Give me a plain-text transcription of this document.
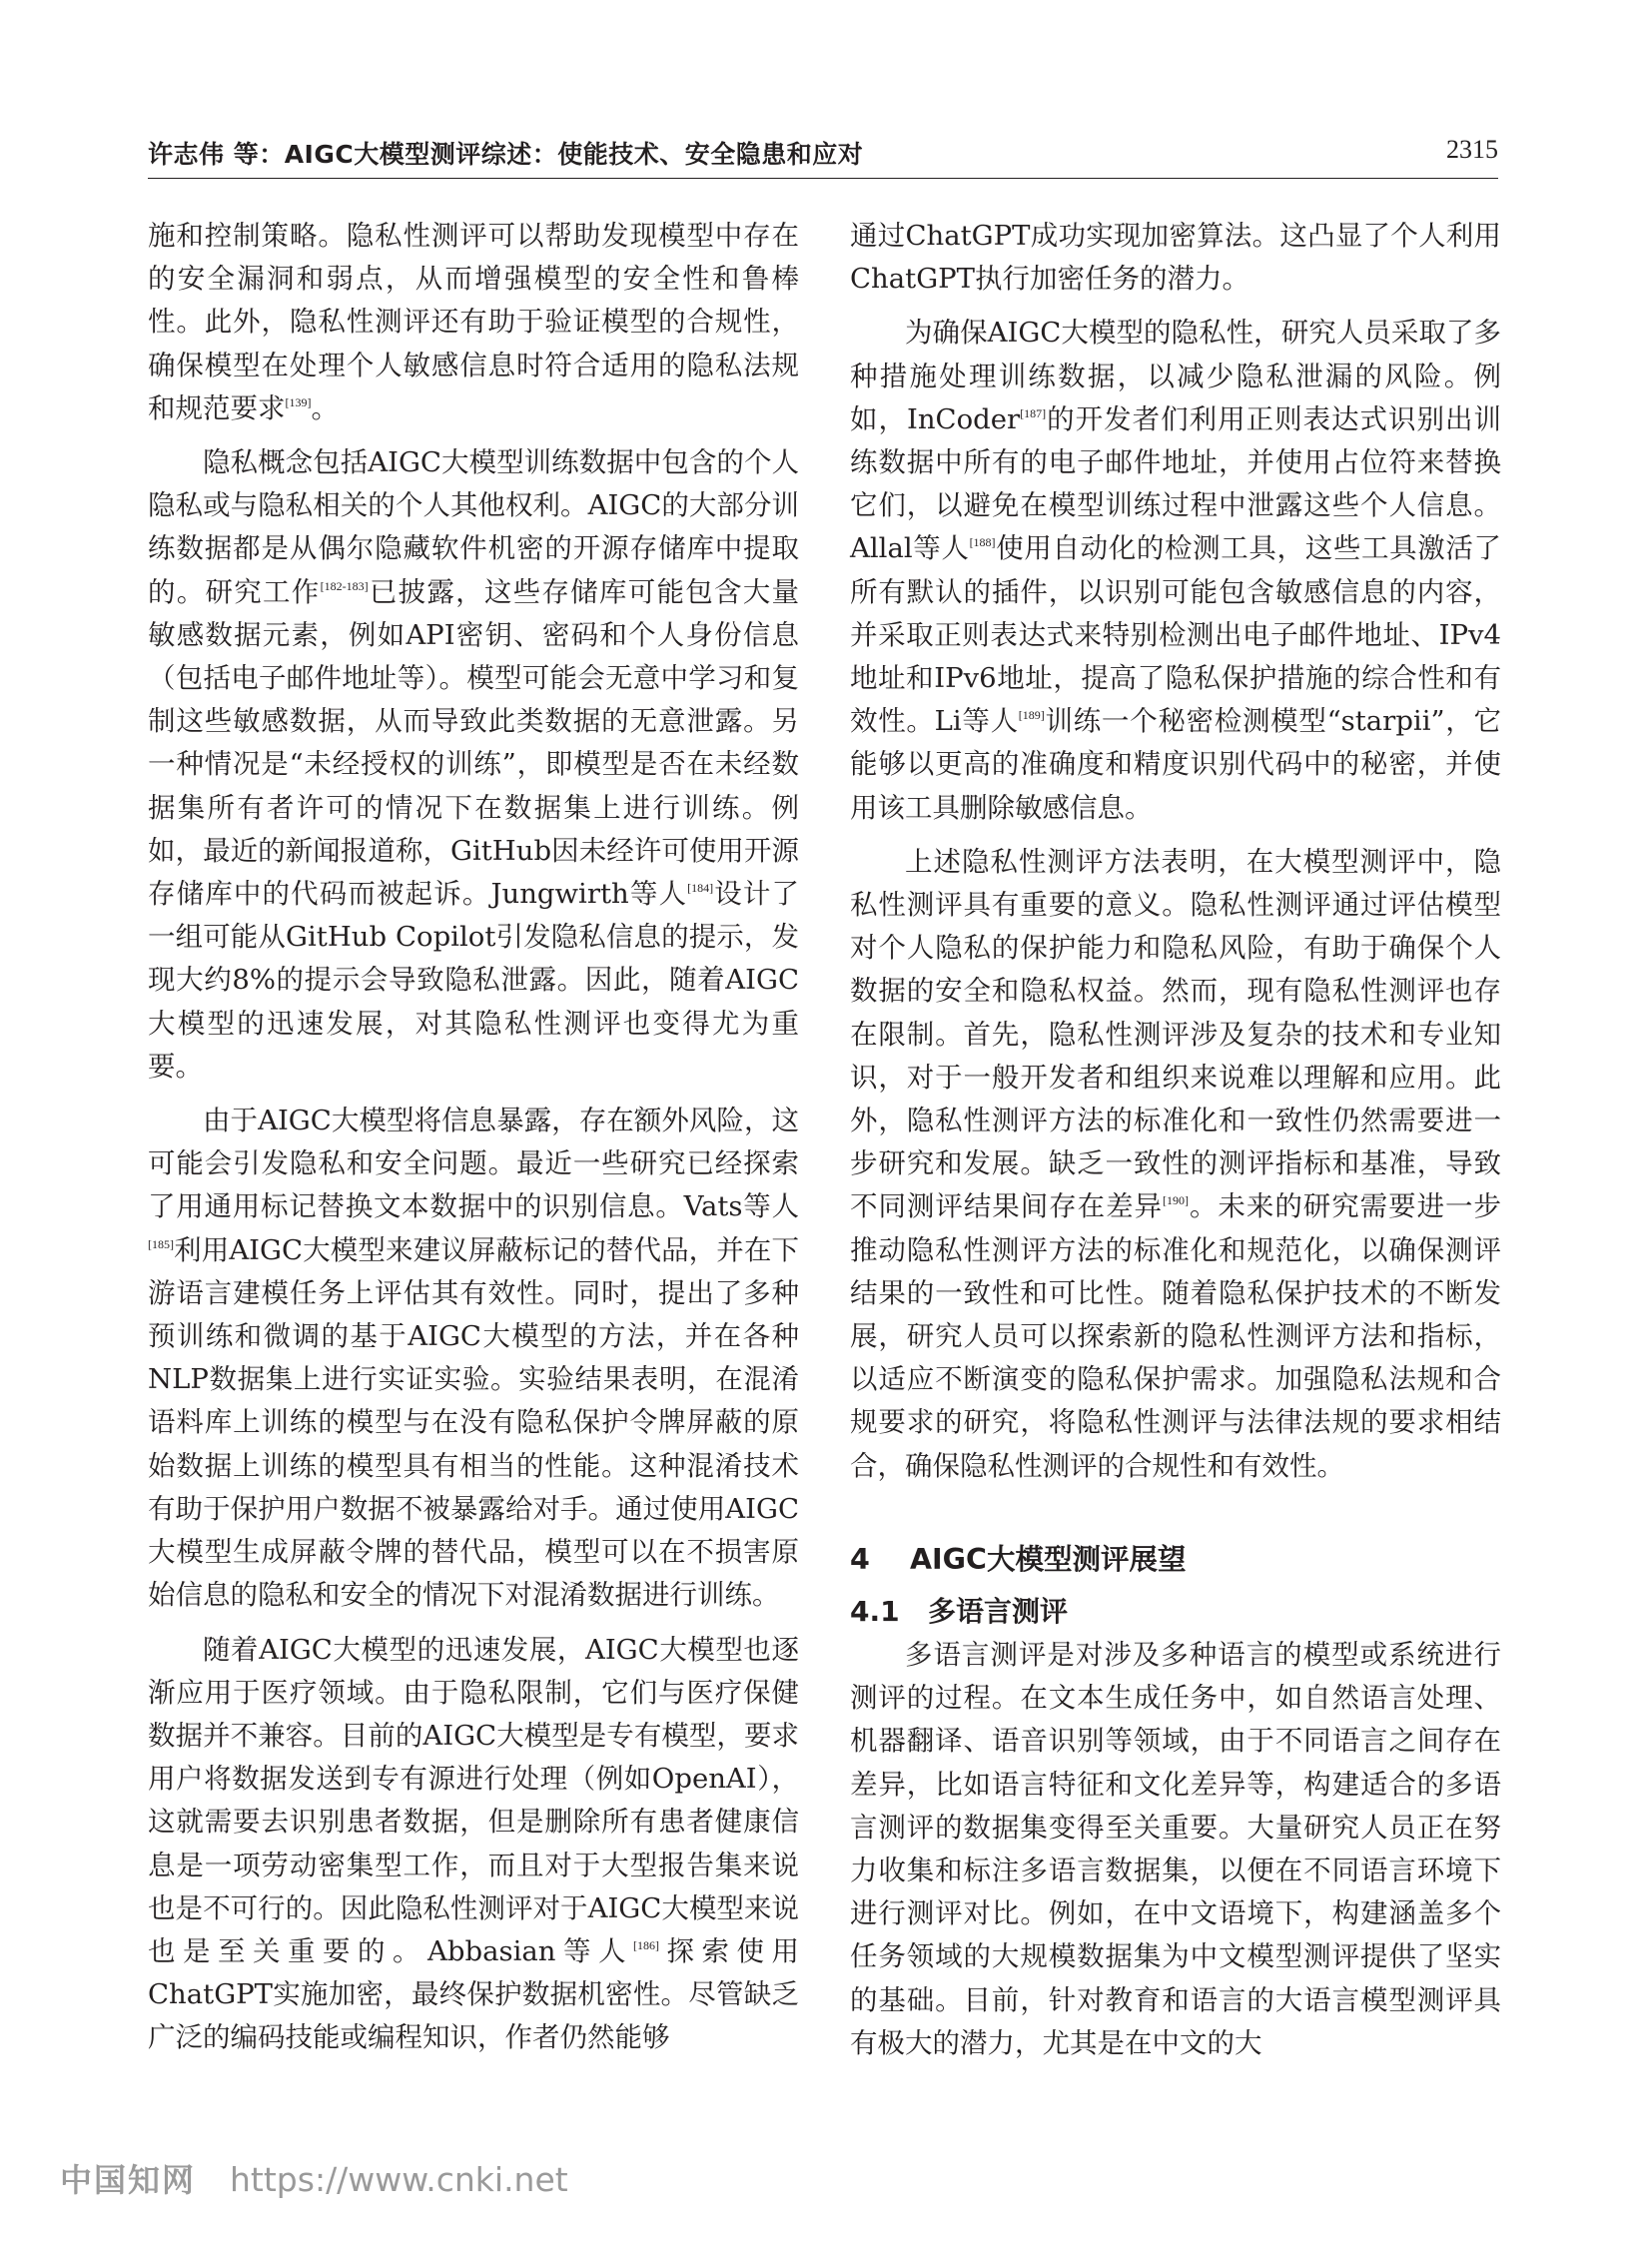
许志伟 等：AIGC大模型测评综述：使能技术、安全隐患和应对	2315

施和控制策略。隐私性测评可以帮助发现模型中存在的安全漏洞和弱点，从而增强模型的安全性和鲁棒性。此外，隐私性测评还有助于验证模型的合规性，确保模型在处理个人敏感信息时符合适用的隐私法规和规范要求[139]。

隐私概念包括AIGC大模型训练数据中包含的个人隐私或与隐私相关的个人其他权利。AIGC的大部分训练数据都是从偶尔隐藏软件机密的开源存储库中提取的。研究工作[182-183]已披露，这些存储库可能包含大量敏感数据元素，例如API密钥、密码和个人身份信息（包括电子邮件地址等）。模型可能会无意中学习和复制这些敏感数据，从而导致此类数据的无意泄露。另一种情况是“未经授权的训练”，即模型是否在未经数据集所有者许可的情况下在数据集上进行训练。例如，最近的新闻报道称，GitHub因未经许可使用开源存储库中的代码而被起诉。Jungwirth等人[184]设计了一组可能从GitHub Copilot引发隐私信息的提示，发现大约8%的提示会导致隐私泄露。因此，随着AIGC大模型的迅速发展，对其隐私性测评也变得尤为重要。

由于AIGC大模型将信息暴露，存在额外风险，这可能会引发隐私和安全问题。最近一些研究已经探索了用通用标记替换文本数据中的识别信息。Vats等人[185]利用AIGC大模型来建议屏蔽标记的替代品，并在下游语言建模任务上评估其有效性。同时，提出了多种预训练和微调的基于AIGC大模型的方法，并在各种NLP数据集上进行实证实验。实验结果表明，在混淆语料库上训练的模型与在没有隐私保护令牌屏蔽的原始数据上训练的模型具有相当的性能。这种混淆技术有助于保护用户数据不被暴露给对手。通过使用AIGC大模型生成屏蔽令牌的替代品，模型可以在不损害原始信息的隐私和安全的情况下对混淆数据进行训练。

随着AIGC大模型的迅速发展，AIGC大模型也逐渐应用于医疗领域。由于隐私限制，它们与医疗保健数据并不兼容。目前的AIGC大模型是专有模型，要求用户将数据发送到专有源进行处理（例如OpenAI），这就需要去识别患者数据，但是删除所有患者健康信息是一项劳动密集型工作，而且对于大型报告集来说也是不可行的。因此隐私性测评对于AIGC大模型来说也是至关重要的。Abbasian等人[186]探索使用ChatGPT实施加密，最终保护数据机密性。尽管缺乏广泛的编码技能或编程知识，作者仍然能够

通过ChatGPT成功实现加密算法。这凸显了个人利用ChatGPT执行加密任务的潜力。

为确保AIGC大模型的隐私性，研究人员采取了多种措施处理训练数据，以减少隐私泄漏的风险。例如，InCoder[187]的开发者们利用正则表达式识别出训练数据中所有的电子邮件地址，并使用占位符来替换它们，以避免在模型训练过程中泄露这些个人信息。Allal等人[188]使用自动化的检测工具，这些工具激活了所有默认的插件，以识别可能包含敏感信息的内容，并采取正则表达式来特别检测出电子邮件地址、IPv4地址和IPv6地址，提高了隐私保护措施的综合性和有效性。Li等人[189]训练一个秘密检测模型“starpii”，它能够以更高的准确度和精度识别代码中的秘密，并使用该工具删除敏感信息。

上述隐私性测评方法表明，在大模型测评中，隐私性测评具有重要的意义。隐私性测评通过评估模型对个人隐私的保护能力和隐私风险，有助于确保个人数据的安全和隐私权益。然而，现有隐私性测评也存在限制。首先，隐私性测评涉及复杂的技术和专业知识，对于一般开发者和组织来说难以理解和应用。此外，隐私性测评方法的标准化和一致性仍然需要进一步研究和发展。缺乏一致性的测评指标和基准，导致不同测评结果间存在差异[190]。未来的研究需要进一步推动隐私性测评方法的标准化和规范化，以确保测评结果的一致性和可比性。随着隐私保护技术的不断发展，研究人员可以探索新的隐私性测评方法和指标，以适应不断演变的隐私保护需求。加强隐私法规和合规要求的研究，将隐私性测评与法律法规的要求相结合，确保隐私性测评的合规性和有效性。

4 AIGC大模型测评展望

4.1 多语言测评

多语言测评是对涉及多种语言的模型或系统进行测评的过程。在文本生成任务中，如自然语言处理、机器翻译、语音识别等领域，由于不同语言之间存在差异，比如语言特征和文化差异等，构建适合的多语言测评的数据集变得至关重要。大量研究人员正在努力收集和标注多语言数据集，以便在不同语言环境下进行测评对比。例如，在中文语境下，构建涵盖多个任务领域的大规模数据集为中文模型测评提供了坚实的基础。目前，针对教育和语言的大语言模型测评具有极大的潜力，尤其是在中文的大

中国知网 https://www.cnki.net
